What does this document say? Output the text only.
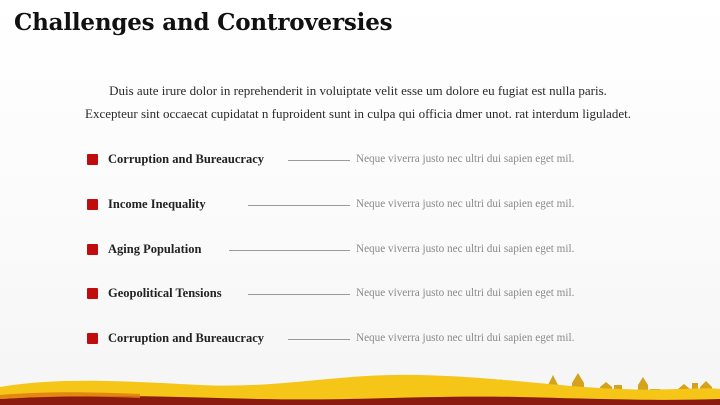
Challenges and Controversies

Duis aute irure dolor in reprehenderit in voluiptate velit esse um dolore eu fugiat est nulla paris.

Excepteur sint occaecat cupidatat n fuproident sunt in culpa qui officia dmer unot. rat interdum liguladet.

Corruption and Bureaucracy	Neque viverra justo nec ultri dui sapien eget mil.
Income Inequality	Neque viverra justo nec ultri dui sapien eget mil.
Aging Population	Neque viverra justo nec ultri dui sapien eget mil.
Geopolitical Tensions	Neque viverra justo nec ultri dui sapien eget mil.
Corruption and Bureaucracy	Neque viverra justo nec ultri dui sapien eget mil.
